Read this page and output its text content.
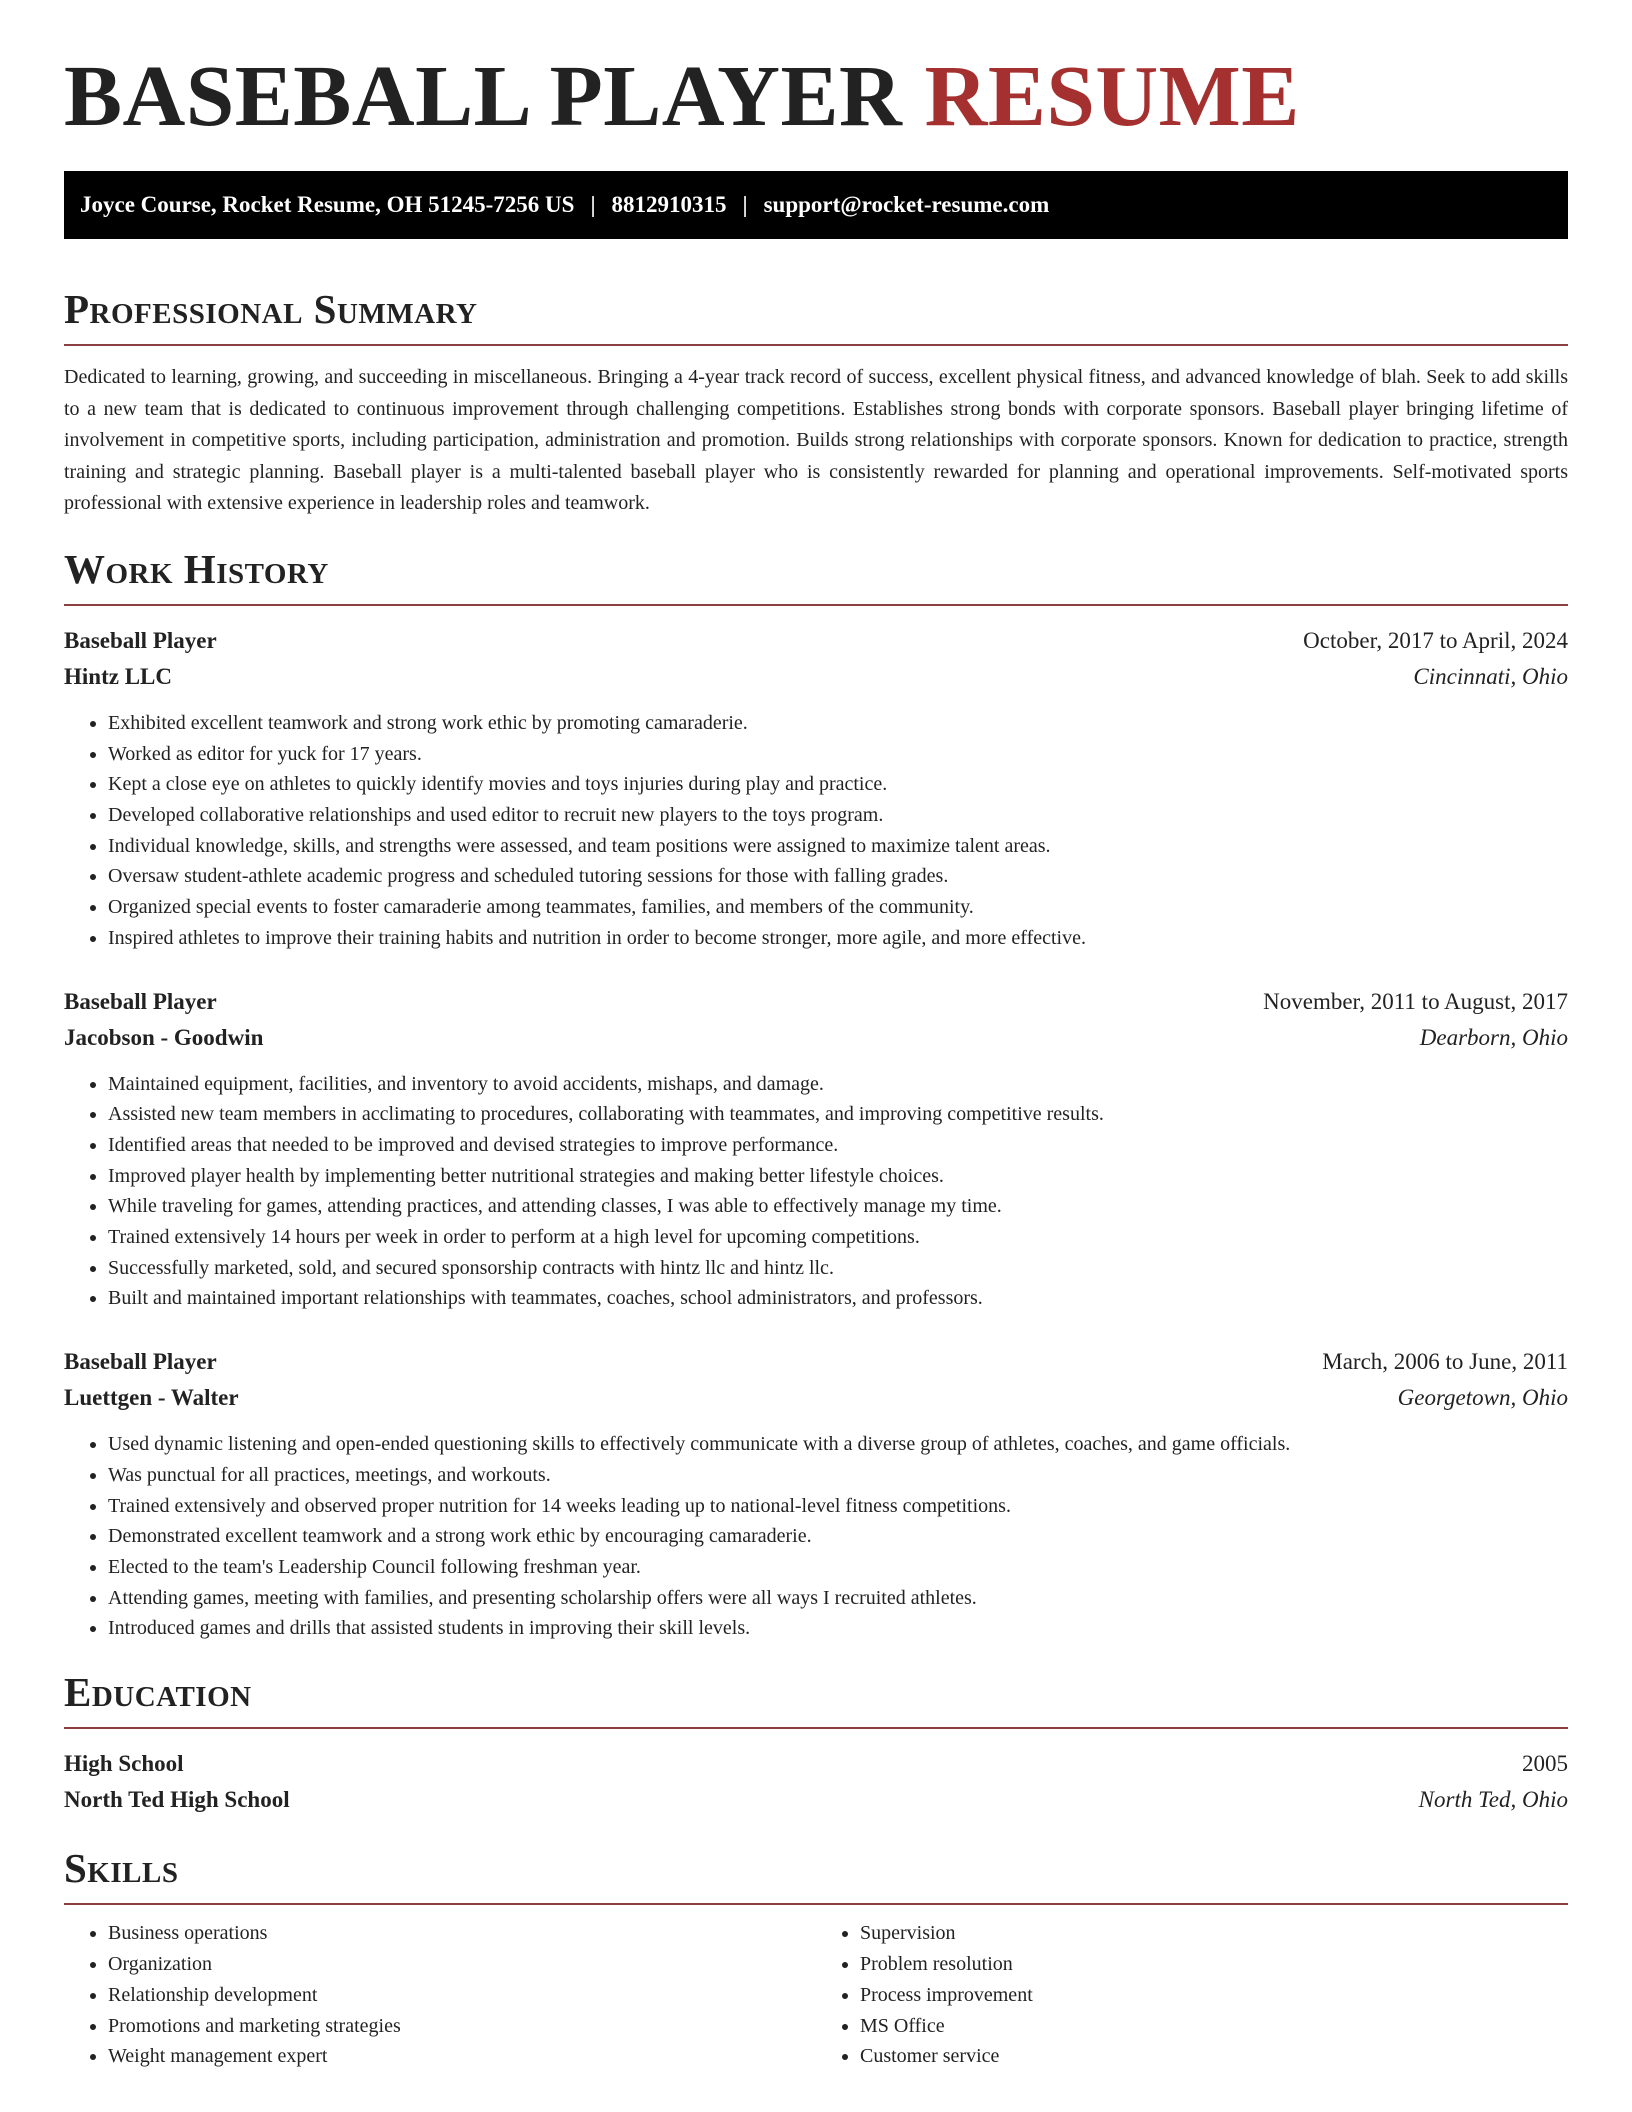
BASEBALL PLAYER RESUME
Joyce Course, Rocket Resume, OH 51245-7256 US | 8812910315 | support@rocket-resume.com
Professional Summary
Dedicated to learning, growing, and succeeding in miscellaneous. Bringing a 4-year track record of success, excellent physical fitness, and advanced knowledge of blah. Seek to add skills to a new team that is dedicated to continuous improvement through challenging competitions. Establishes strong bonds with corporate sponsors. Baseball player bringing lifetime of involvement in competitive sports, including participation, administration and promotion. Builds strong relationships with corporate sponsors. Known for dedication to practice, strength training and strategic planning. Baseball player is a multi-talented baseball player who is consistently rewarded for planning and operational improvements. Self-motivated sports professional with extensive experience in leadership roles and teamwork.
Work History
Baseball Player	October, 2017 to April, 2024
Hintz LLC	Cincinnati, Ohio
• Exhibited excellent teamwork and strong work ethic by promoting camaraderie.
• Worked as editor for yuck for 17 years.
• Kept a close eye on athletes to quickly identify movies and toys injuries during play and practice.
• Developed collaborative relationships and used editor to recruit new players to the toys program.
• Individual knowledge, skills, and strengths were assessed, and team positions were assigned to maximize talent areas.
• Oversaw student-athlete academic progress and scheduled tutoring sessions for those with falling grades.
• Organized special events to foster camaraderie among teammates, families, and members of the community.
• Inspired athletes to improve their training habits and nutrition in order to become stronger, more agile, and more effective.
Baseball Player	November, 2011 to August, 2017
Jacobson - Goodwin	Dearborn, Ohio
• Maintained equipment, facilities, and inventory to avoid accidents, mishaps, and damage.
• Assisted new team members in acclimating to procedures, collaborating with teammates, and improving competitive results.
• Identified areas that needed to be improved and devised strategies to improve performance.
• Improved player health by implementing better nutritional strategies and making better lifestyle choices.
• While traveling for games, attending practices, and attending classes, I was able to effectively manage my time.
• Trained extensively 14 hours per week in order to perform at a high level for upcoming competitions.
• Successfully marketed, sold, and secured sponsorship contracts with hintz llc and hintz llc.
• Built and maintained important relationships with teammates, coaches, school administrators, and professors.
Baseball Player	March, 2006 to June, 2011
Luettgen - Walter	Georgetown, Ohio
• Used dynamic listening and open-ended questioning skills to effectively communicate with a diverse group of athletes, coaches, and game officials.
• Was punctual for all practices, meetings, and workouts.
• Trained extensively and observed proper nutrition for 14 weeks leading up to national-level fitness competitions.
• Demonstrated excellent teamwork and a strong work ethic by encouraging camaraderie.
• Elected to the team's Leadership Council following freshman year.
• Attending games, meeting with families, and presenting scholarship offers were all ways I recruited athletes.
• Introduced games and drills that assisted students in improving their skill levels.
Education
High School	2005
North Ted High School	North Ted, Ohio
Skills
• Business operations
• Organization
• Relationship development
• Promotions and marketing strategies
• Weight management expert
• Supervision
• Problem resolution
• Process improvement
• MS Office
• Customer service
